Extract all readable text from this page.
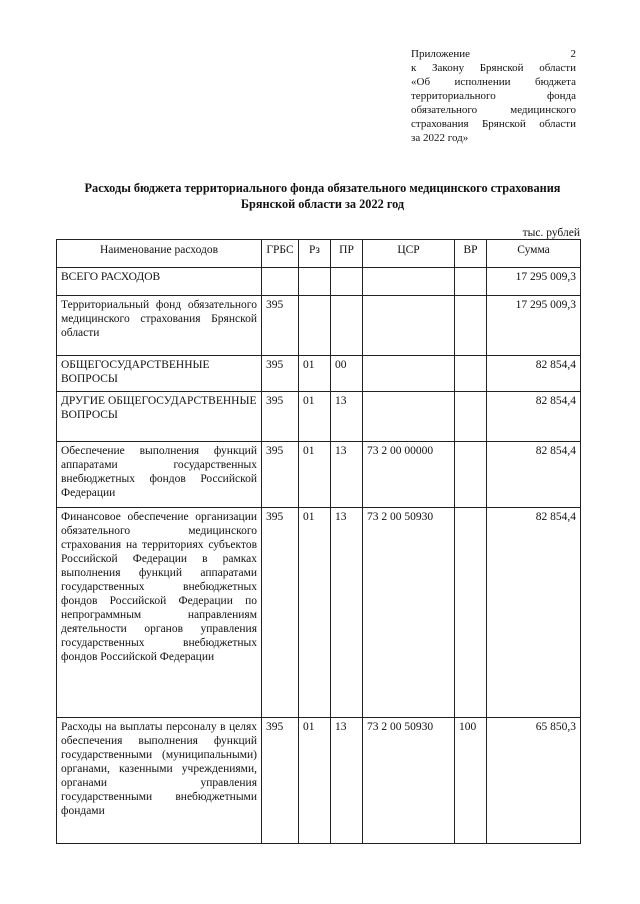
Приложение 2
к Закону Брянской области
«Об исполнении бюджета
территориального фонда
обязательного медицинского
страхования Брянской области
за 2022 год»
Расходы бюджета территориального фонда обязательного медицинского страхования
Брянской области за 2022 год
тыс. рублей
Наименование расходов	ГРБС	Рз	ПР	ЦСР	ВР	Сумма
ВСЕГО РАСХОДОВ						17 295 009,3
Территориальный фонд обязательного медицинского страхования Брянской области	395					17 295 009,3
ОБЩЕГОСУДАРСТВЕННЫЕ ВОПРОСЫ	395	01	00			82 854,4
ДРУГИЕ ОБЩЕГОСУДАРСТВЕННЫЕ ВОПРОСЫ	395	01	13			82 854,4
Обеспечение выполнения функций аппаратами государственных внебюджетных фондов Российской Федерации	395	01	13	73 2 00 00000		82 854,4
Финансовое обеспечение организации обязательного медицинского страхования на территориях субъектов Российской Федерации в рамках выполнения функций аппаратами государственных внебюджетных фондов Российской Федерации по непрограммным направлениям деятельности органов управления государственных внебюджетных фондов Российской Федерации	395	01	13	73 2 00 50930		82 854,4
Расходы на выплаты персоналу в целях обеспечения выполнения функций государственными (муниципальными) органами, казенными учреждениями, органами управления государственными внебюджетными фондами	395	01	13	73 2 00 50930	100	65 850,3
